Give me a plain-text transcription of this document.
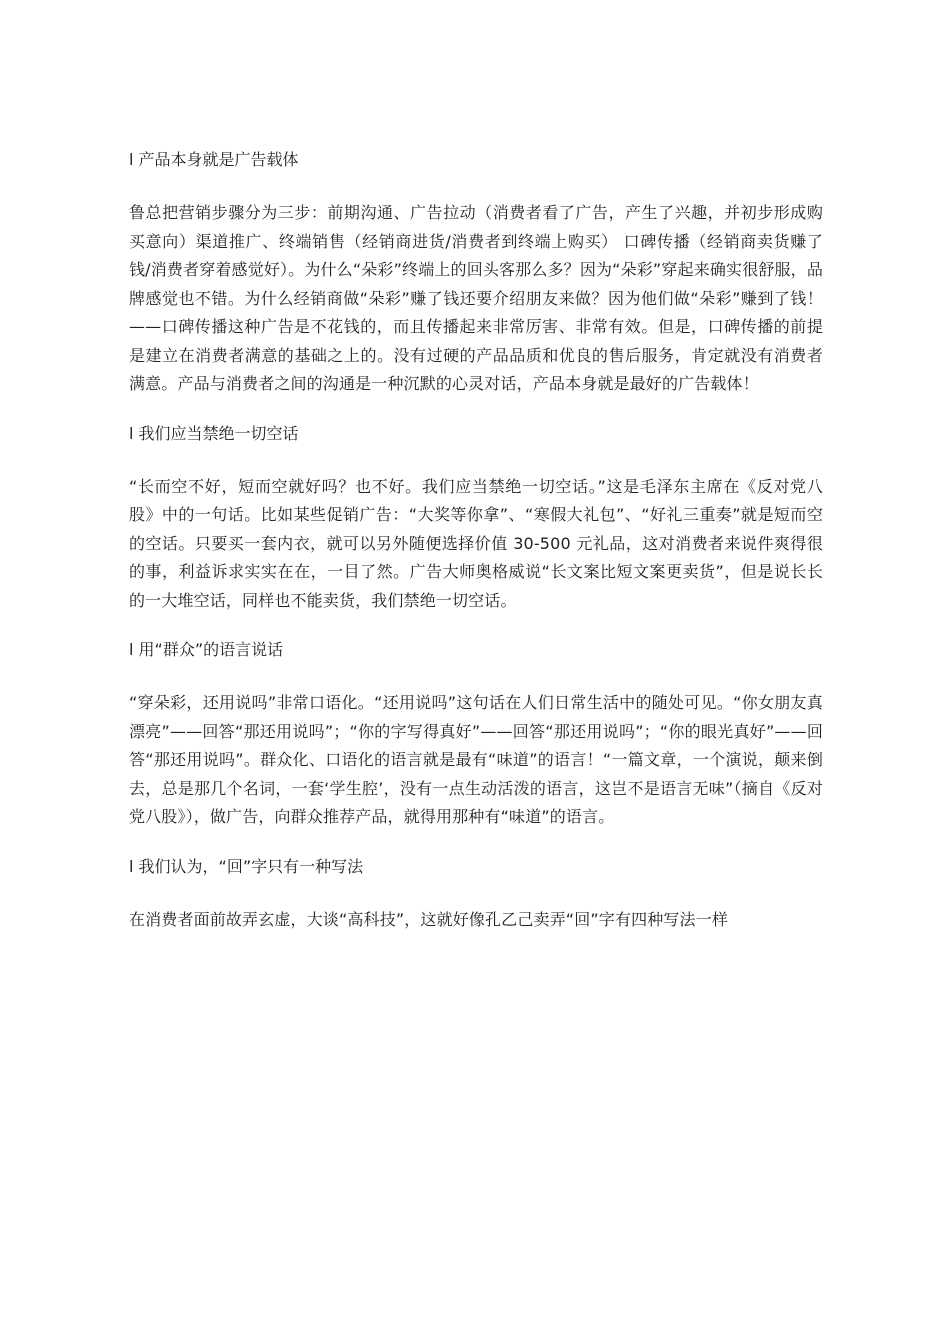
l 产品本身就是广告载体

鲁总把营销步骤分为三步：前期沟通、广告拉动（消费者看了广告，产生了兴趣，并初步形成购买意向）渠道推广、终端销售（经销商进货/消费者到终端上购买） 口碑传播（经销商卖货赚了钱/消费者穿着感觉好）。为什么“朵彩”终端上的回头客那么多？因为“朵彩”穿起来确实很舒服，品牌感觉也不错。为什么经销商做“朵彩”赚了钱还要介绍朋友来做？因为他们做“朵彩”赚到了钱！——口碑传播这种广告是不花钱的，而且传播起来非常厉害、非常有效。但是，口碑传播的前提是建立在消费者满意的基础之上的。没有过硬的产品品质和优良的售后服务，肯定就没有消费者满意。产品与消费者之间的沟通是一种沉默的心灵对话，产品本身就是最好的广告载体！

l 我们应当禁绝一切空话

“长而空不好，短而空就好吗？也不好。我们应当禁绝一切空话。”这是毛泽东主席在《反对党八股》中的一句话。比如某些促销广告：“大奖等你拿”、“寒假大礼包”、“好礼三重奏”就是短而空的空话。只要买一套内衣，就可以另外随便选择价值 30-500 元礼品，这对消费者来说件爽得很的事，利益诉求实实在在，一目了然。广告大师奥格威说“长文案比短文案更卖货”，但是说长长的一大堆空话，同样也不能卖货，我们禁绝一切空话。

l 用“群众”的语言说话

“穿朵彩，还用说吗”非常口语化。“还用说吗”这句话在人们日常生活中的随处可见。“你女朋友真漂亮”——回答“那还用说吗”；“你的字写得真好”——回答“那还用说吗”；“你的眼光真好”——回答“那还用说吗”。群众化、口语化的语言就是最有“味道”的语言！“一篇文章，一个演说，颠来倒去，总是那几个名词，一套‘学生腔’，没有一点生动活泼的语言，这岂不是语言无味”（摘自《反对党八股》），做广告，向群众推荐产品，就得用那种有“味道”的语言。

l 我们认为，“回”字只有一种写法

在消费者面前故弄玄虚，大谈“高科技”，这就好像孔乙己卖弄“回”字有四种写法一样
